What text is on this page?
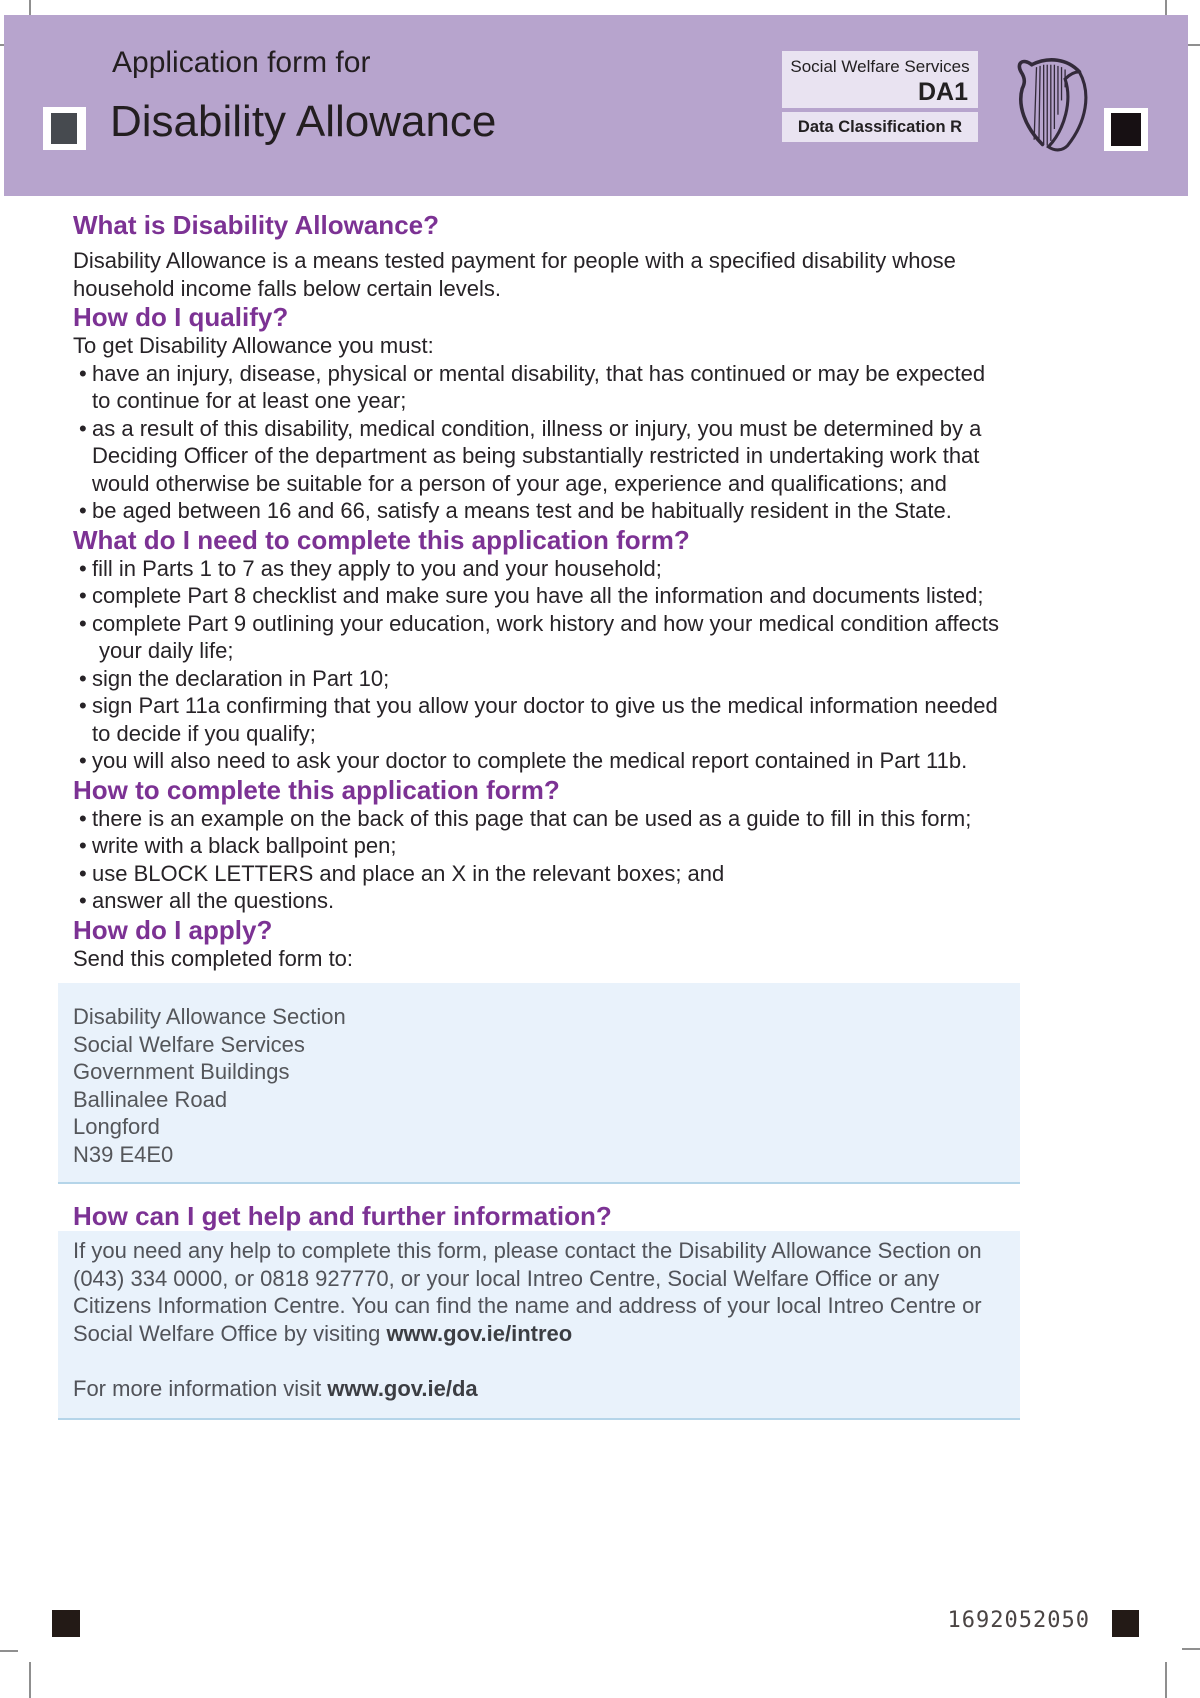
Application form for
Disability Allowance
Social Welfare Services
DA1
Data Classification R
What is Disability Allowance?
Disability Allowance is a means tested payment for people with a specified disability whose
household income falls below certain levels.
How do I qualify?
To get Disability Allowance you must:
• have an injury, disease, physical or mental disability, that has continued or may be expected
to continue for at least one year;
• as a result of this disability, medical condition, illness or injury, you must be determined by a
Deciding Officer of the department as being substantially restricted in undertaking work that
would otherwise be suitable for a person of your age, experience and qualifications; and
• be aged between 16 and 66, satisfy a means test and be habitually resident in the State.
What do I need to complete this application form?
• fill in Parts 1 to 7 as they apply to you and your household;
• complete Part 8 checklist and make sure you have all the information and documents listed;
• complete Part 9 outlining your education, work history and how your medical condition affects
your daily life;
• sign the declaration in Part 10;
• sign Part 11a confirming that you allow your doctor to give us the medical information needed
to decide if you qualify;
• you will also need to ask your doctor to complete the medical report contained in Part 11b.
How to complete this application form?
• there is an example on the back of this page that can be used as a guide to fill in this form;
• write with a black ballpoint pen;
• use BLOCK LETTERS and place an X in the relevant boxes; and
• answer all the questions.
How do I apply?
Send this completed form to:
Disability Allowance Section
Social Welfare Services
Government Buildings
Ballinalee Road
Longford
N39 E4E0
How can I get help and further information?
If you need any help to complete this form, please contact the Disability Allowance Section on
(043) 334 0000, or 0818 927770, or your local Intreo Centre, Social Welfare Office or any
Citizens Information Centre. You can find the name and address of your local Intreo Centre or
Social Welfare Office by visiting www.gov.ie/intreo
For more information visit www.gov.ie/da
1692052050
